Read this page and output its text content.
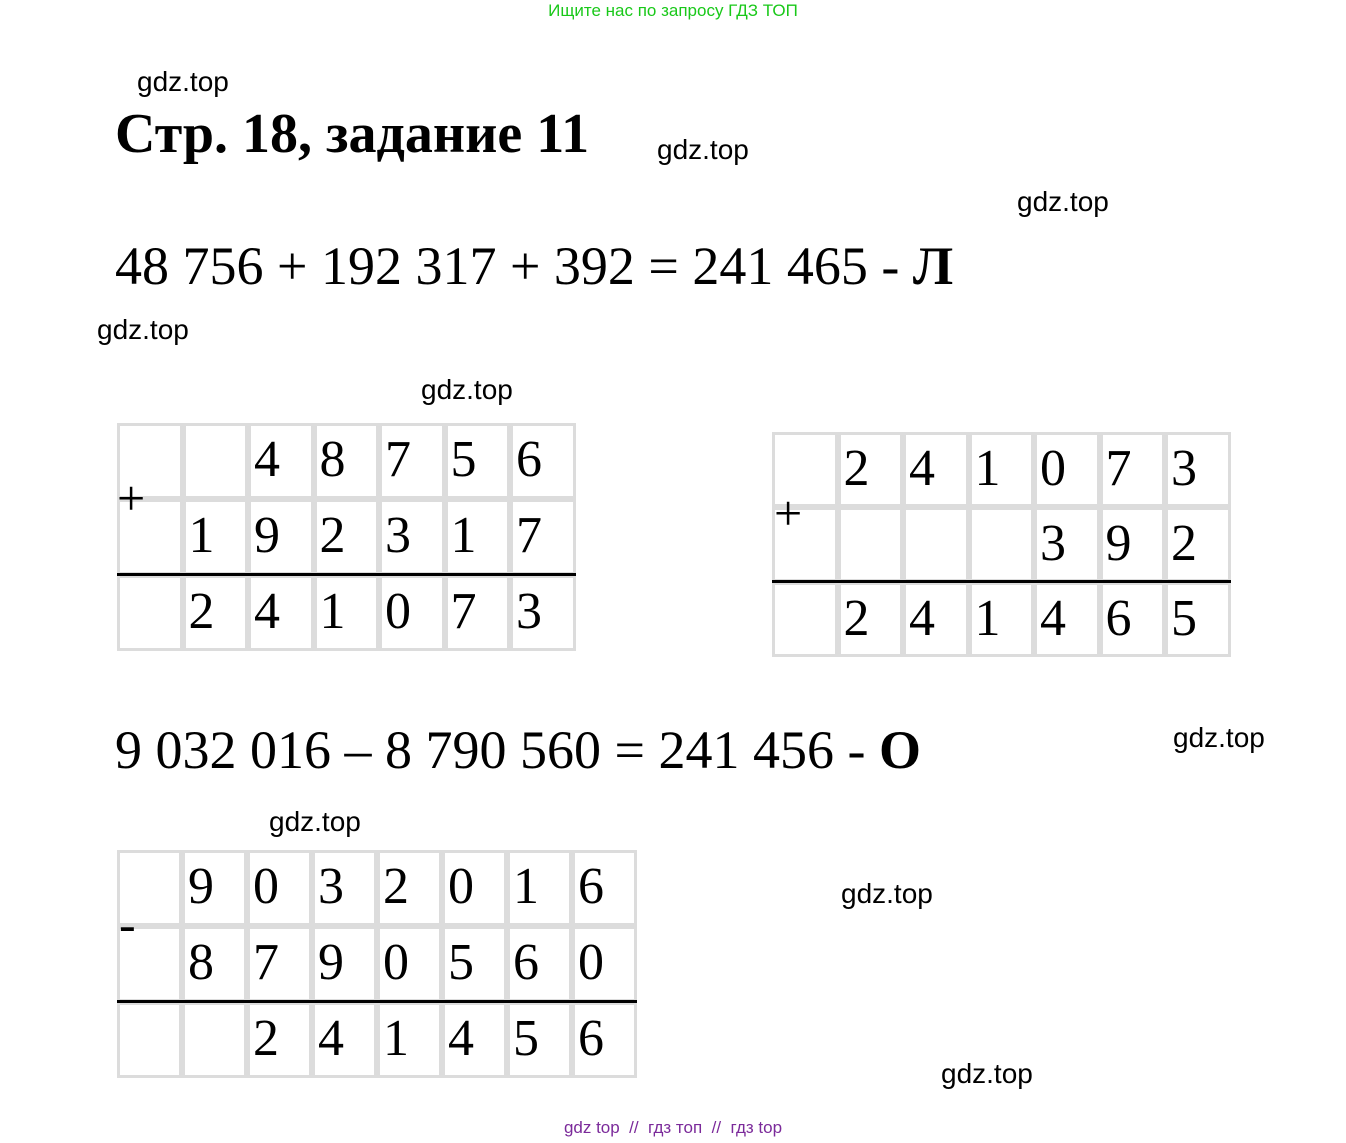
Ищите нас по запросу ГДЗ ТОП
gdz.top
Стр. 18, задание 11 gdz.top
gdz.top
48 756 + 192 317 + 392 = 241 465 - Л
gdz.top
gdz.top
4 8 7 5 6
1 9 2 3 1 7
2 4 1 0 7 3
+
2 4 1 0 7 3
3 9 2
2 4 1 4 6 5
+
9 032 016 – 8 790 560 = 241 456 - О	gdz.top
gdz.top
gdz.top
9 0 3 2 0 1 6
8 7 9 0 5 6 0
2 4 1 4 5 6
-
gdz.top
gdz top  //  гдз топ  //  гдз top
